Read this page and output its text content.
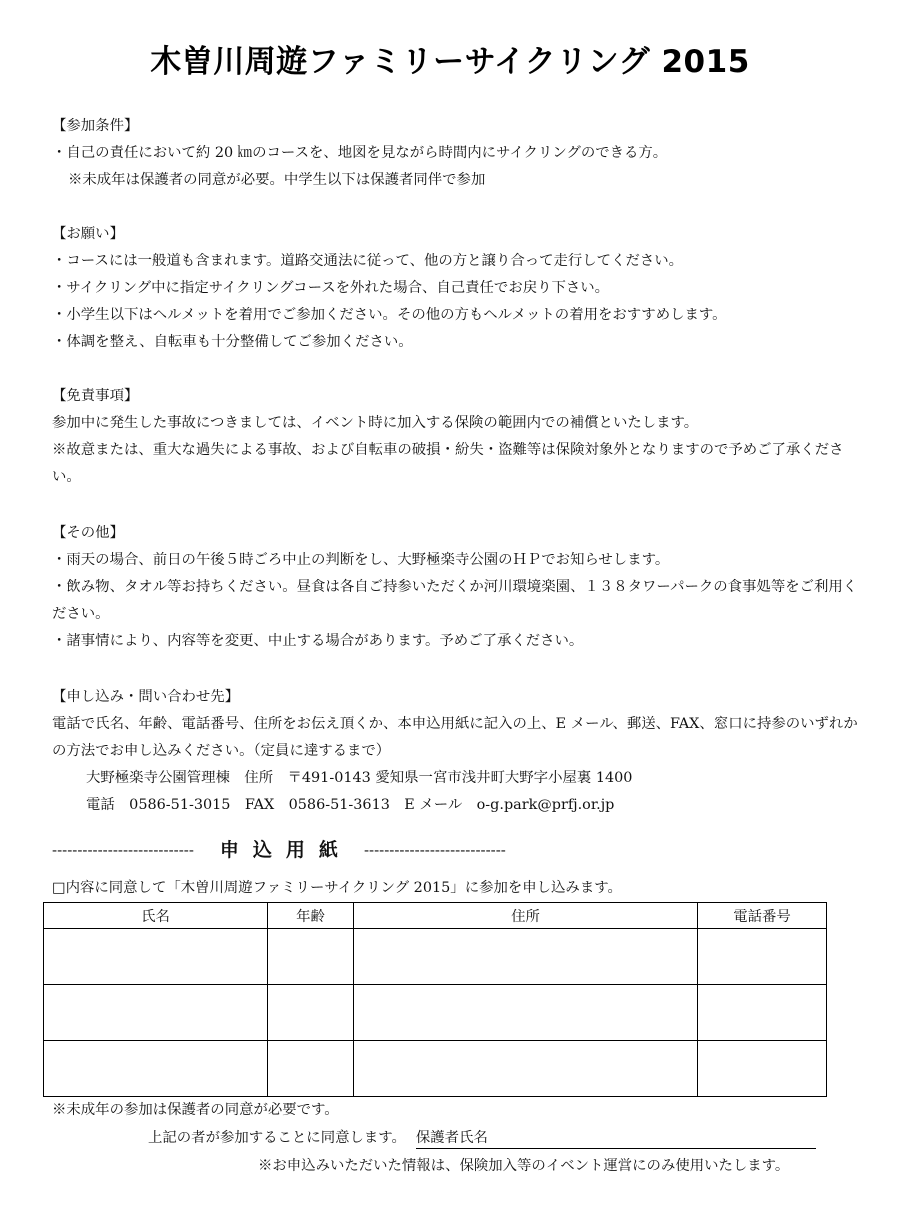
木曽川周遊ファミリーサイクリング 2015
【参加条件】
・自己の責任において約 20 ㎞のコースを、地図を見ながら時間内にサイクリングのできる方。
※未成年は保護者の同意が必要。中学生以下は保護者同伴で参加
【お願い】
・コースには一般道も含まれます。道路交通法に従って、他の方と譲り合って走行してください。
・サイクリング中に指定サイクリングコースを外れた場合、自己責任でお戻り下さい。
・小学生以下はヘルメットを着用でご参加ください。その他の方もヘルメットの着用をおすすめします。
・体調を整え、自転車も十分整備してご参加ください。
【免責事項】
参加中に発生した事故につきましては、イベント時に加入する保険の範囲内での補償といたします。
※故意または、重大な過失による事故、および自転車の破損・紛失・盗難等は保険対象外となりますので予めご了承ください。
【その他】
・雨天の場合、前日の午後５時ごろ中止の判断をし、大野極楽寺公園のＨＰでお知らせします。
・飲み物、タオル等お持ちください。昼食は各自ご持参いただくか河川環境楽園、１３８タワーパークの食事処等をご利用ください。
・諸事情により、内容等を変更、中止する場合があります。予めご了承ください。
【申し込み・問い合わせ先】
電話で氏名、年齢、電話番号、住所をお伝え頂くか、本申込用紙に記入の上、E メール、郵送、FAX、窓口に持参のいずれかの方法でお申し込みください。（定員に達するまで）
大野極楽寺公園管理棟　住所　〒491-0143 愛知県一宮市浅井町大野字小屋裏 1400
電話　0586-51-3015　FAX　0586-51-3613　E メール　o-g.park@prfj.or.jp
---------------------------- 申込用紙 ----------------------------
□内容に同意して「木曽川周遊ファミリーサイクリング 2015」に参加を申し込みます。
氏名	年齢	住所	電話番号

※未成年の参加は保護者の同意が必要です。
上記の者が参加することに同意します。 保護者氏名
※お申込みいただいた情報は、保険加入等のイベント運営にのみ使用いたします。
